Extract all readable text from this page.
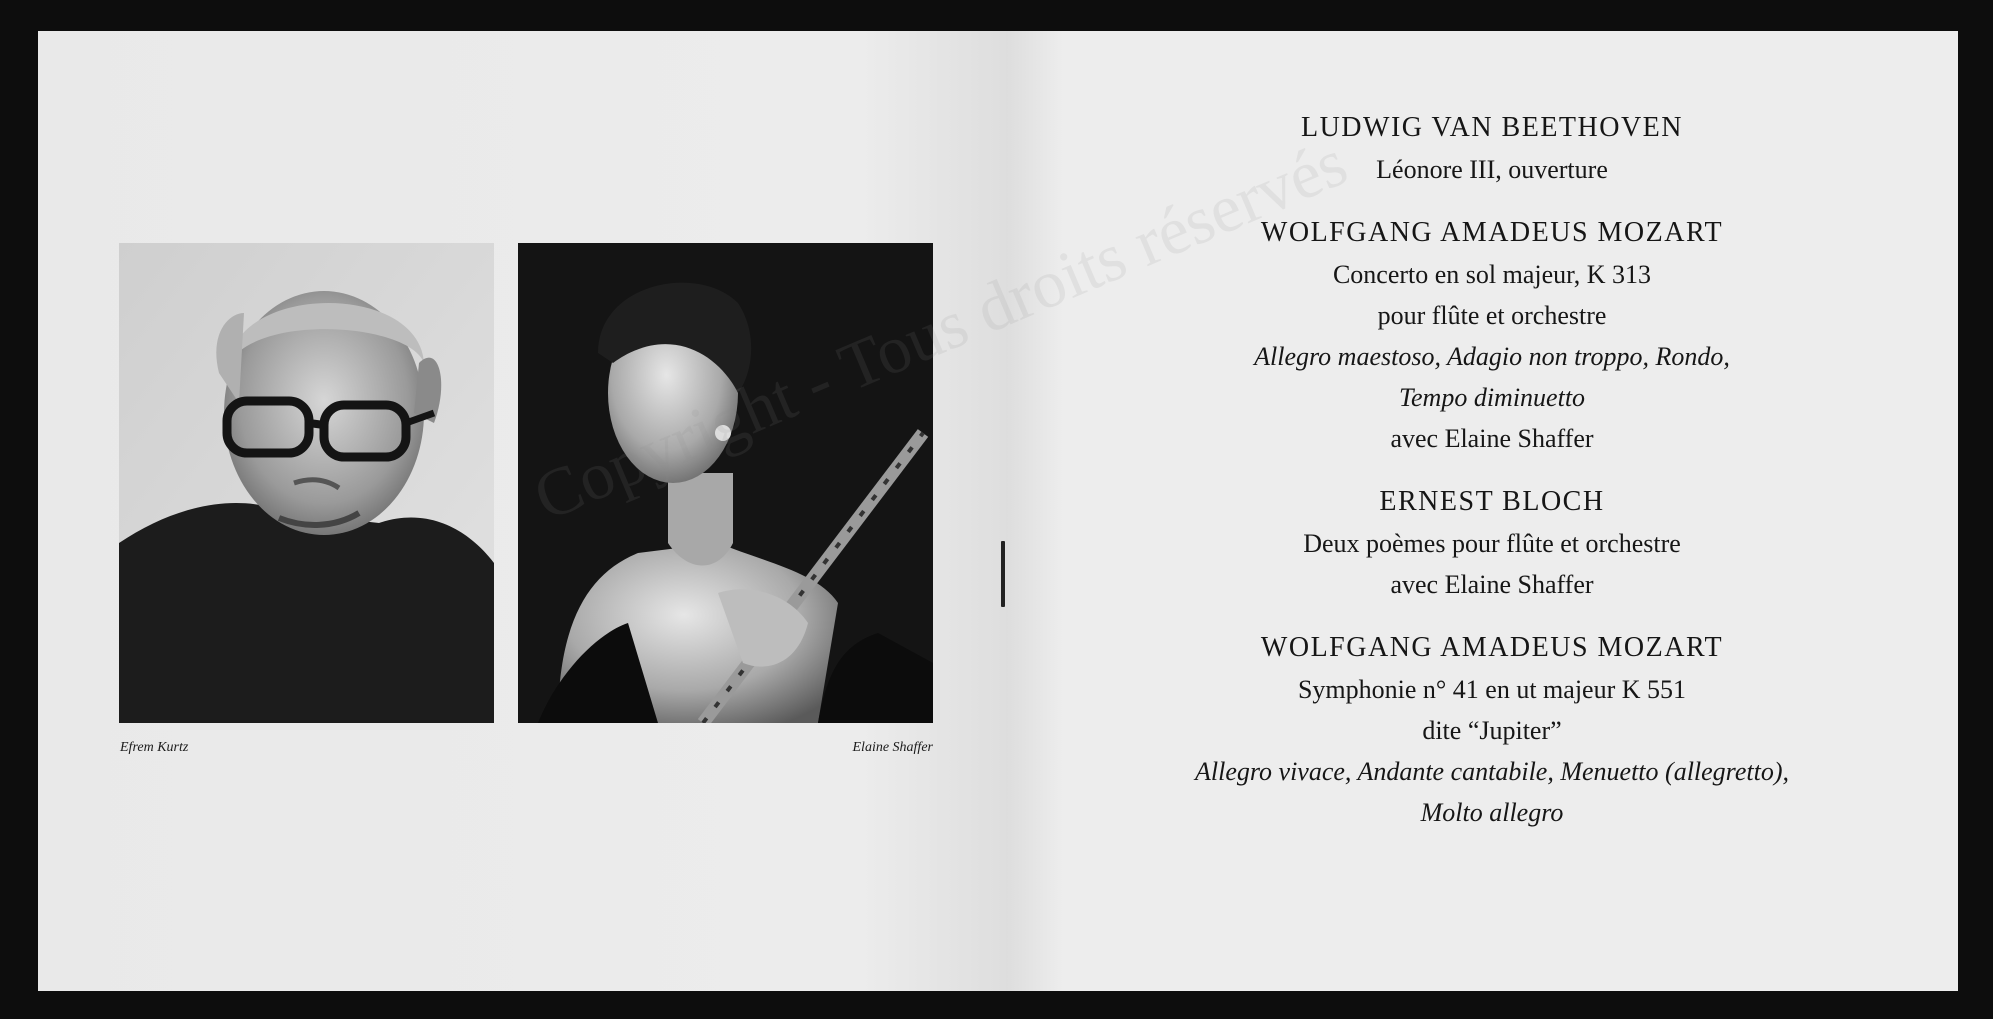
Efrem Kurtz	Elaine Shaffer
LUDWIG VAN BEETHOVEN
Léonore III, ouverture
WOLFGANG AMADEUS MOZART
Concerto en sol majeur, K 313
pour flûte et orchestre
Allegro maestoso, Adagio non troppo, Rondo,
Tempo diminuetto
avec Elaine Shaffer
ERNEST BLOCH
Deux poèmes pour flûte et orchestre
avec Elaine Shaffer
WOLFGANG AMADEUS MOZART
Symphonie n° 41 en ut majeur K 551
dite “Jupiter”
Allegro vivace, Andante cantabile, Menuetto (allegretto),
Molto allegro
